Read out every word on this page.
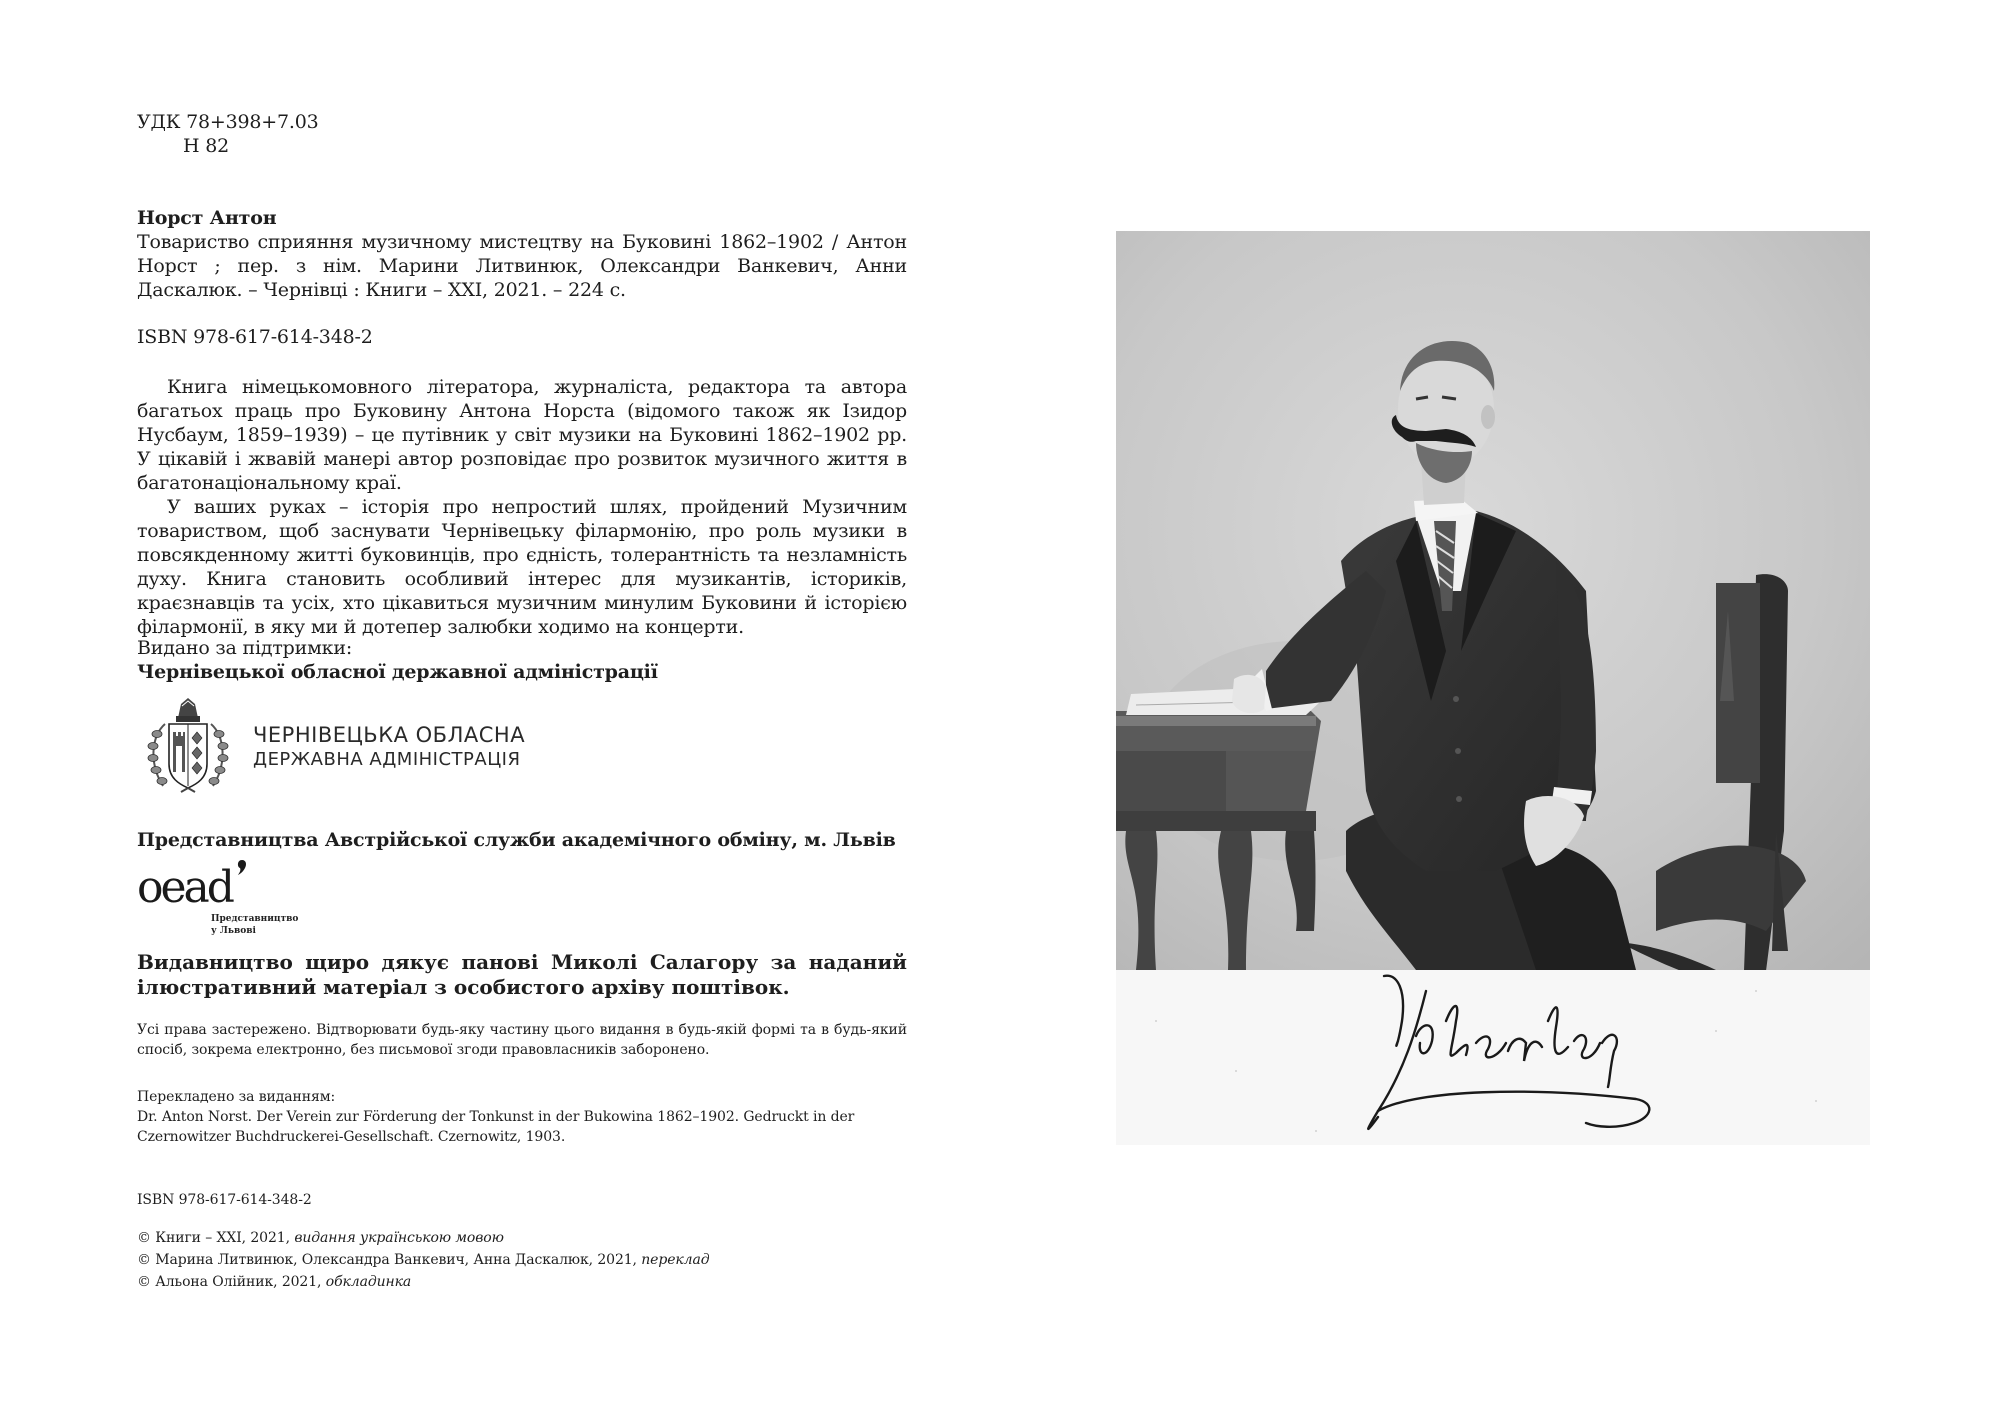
УДК 78+398+7.03
Н 82
Норст Антон

Товариство сприяння музичному мистецтву на Буковині 1862–1902 / Антон Норст ; пер. з нім. Марини Литвинюк, Олександри Ванкевич, Анни Даскалюк. – Чернівці : Книги – XXI, 2021. – 224 с.

ISBN 978-617-614-348-2

Книга німецькомовного літератора, журналіста, редактора та автора багатьох праць про Буковину Антона Норста (відомого також як Ізидор Нусбаум, 1859–1939) – це путівник у світ музики на Буковині 1862–1902 рр. У цікавій і жвавій манері автор розповідає про розвиток музичного життя в багатонаціональному краї.

У ваших руках – історія про непростий шлях, пройдений Музичним товариством, щоб заснувати Чернівецьку філармонію, про роль музики в повсякденному житті буковинців, про єдність, толерантність та незламність духу. Книга становить особливий інтерес для музикантів, істориків, краєзнавців та усіх, хто цікавиться музичним минулим Буковини й історією філармонії, в яку ми й дотепер залюбки ходимо на концерти.

Видано за підтримки:
Чернівецької обласної державної адміністрації
ЧЕРНІВЕЦЬКА ОБЛАСНА
ДЕРЖАВНА АДМІНІСТРАЦІЯ
Представництва Австрійської служби академічного обміну, м. Львів
oead
Представництво
у Львові
Видавництво щиро дякує панові Миколі Салагору за наданий ілюстративний матеріал з особистого архіву поштівок.
Усі права застережено. Відтворювати будь-яку частину цього видання в будь-якій формі та в будь-який спосіб, зокрема електронно, без письмової згоди правовласників заборонено.
Перекладено за виданням:
Dr. Anton Norst. Der Verein zur Förderung der Tonkunst in der Bukowina 1862–1902. Gedruckt in der Czernowitzer Buchdruckerei-Gesellschaft. Czernowitz, 1903.
ISBN 978-617-614-348-2
© Книги – XXI, 2021, видання українською мовою
© Марина Литвинюк, Олександра Ванкевич, Анна Даскалюк, 2021, переклад
© Альона Олійник, 2021, обкладинка
